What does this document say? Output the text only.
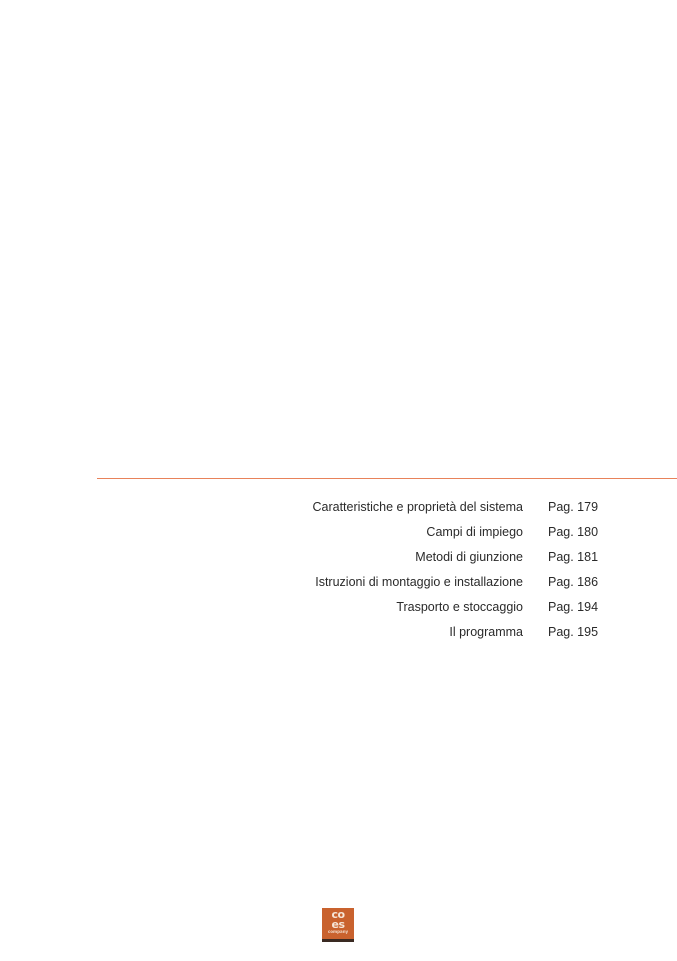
Caratteristiche e proprietà del sistema Pag. 179
Campi di impiego Pag. 180
Metodi di giunzione Pag. 181
Istruzioni di montaggio e installazione Pag. 186
Trasporto e stoccaggio Pag. 194
Il programma Pag. 195
co
es
company
